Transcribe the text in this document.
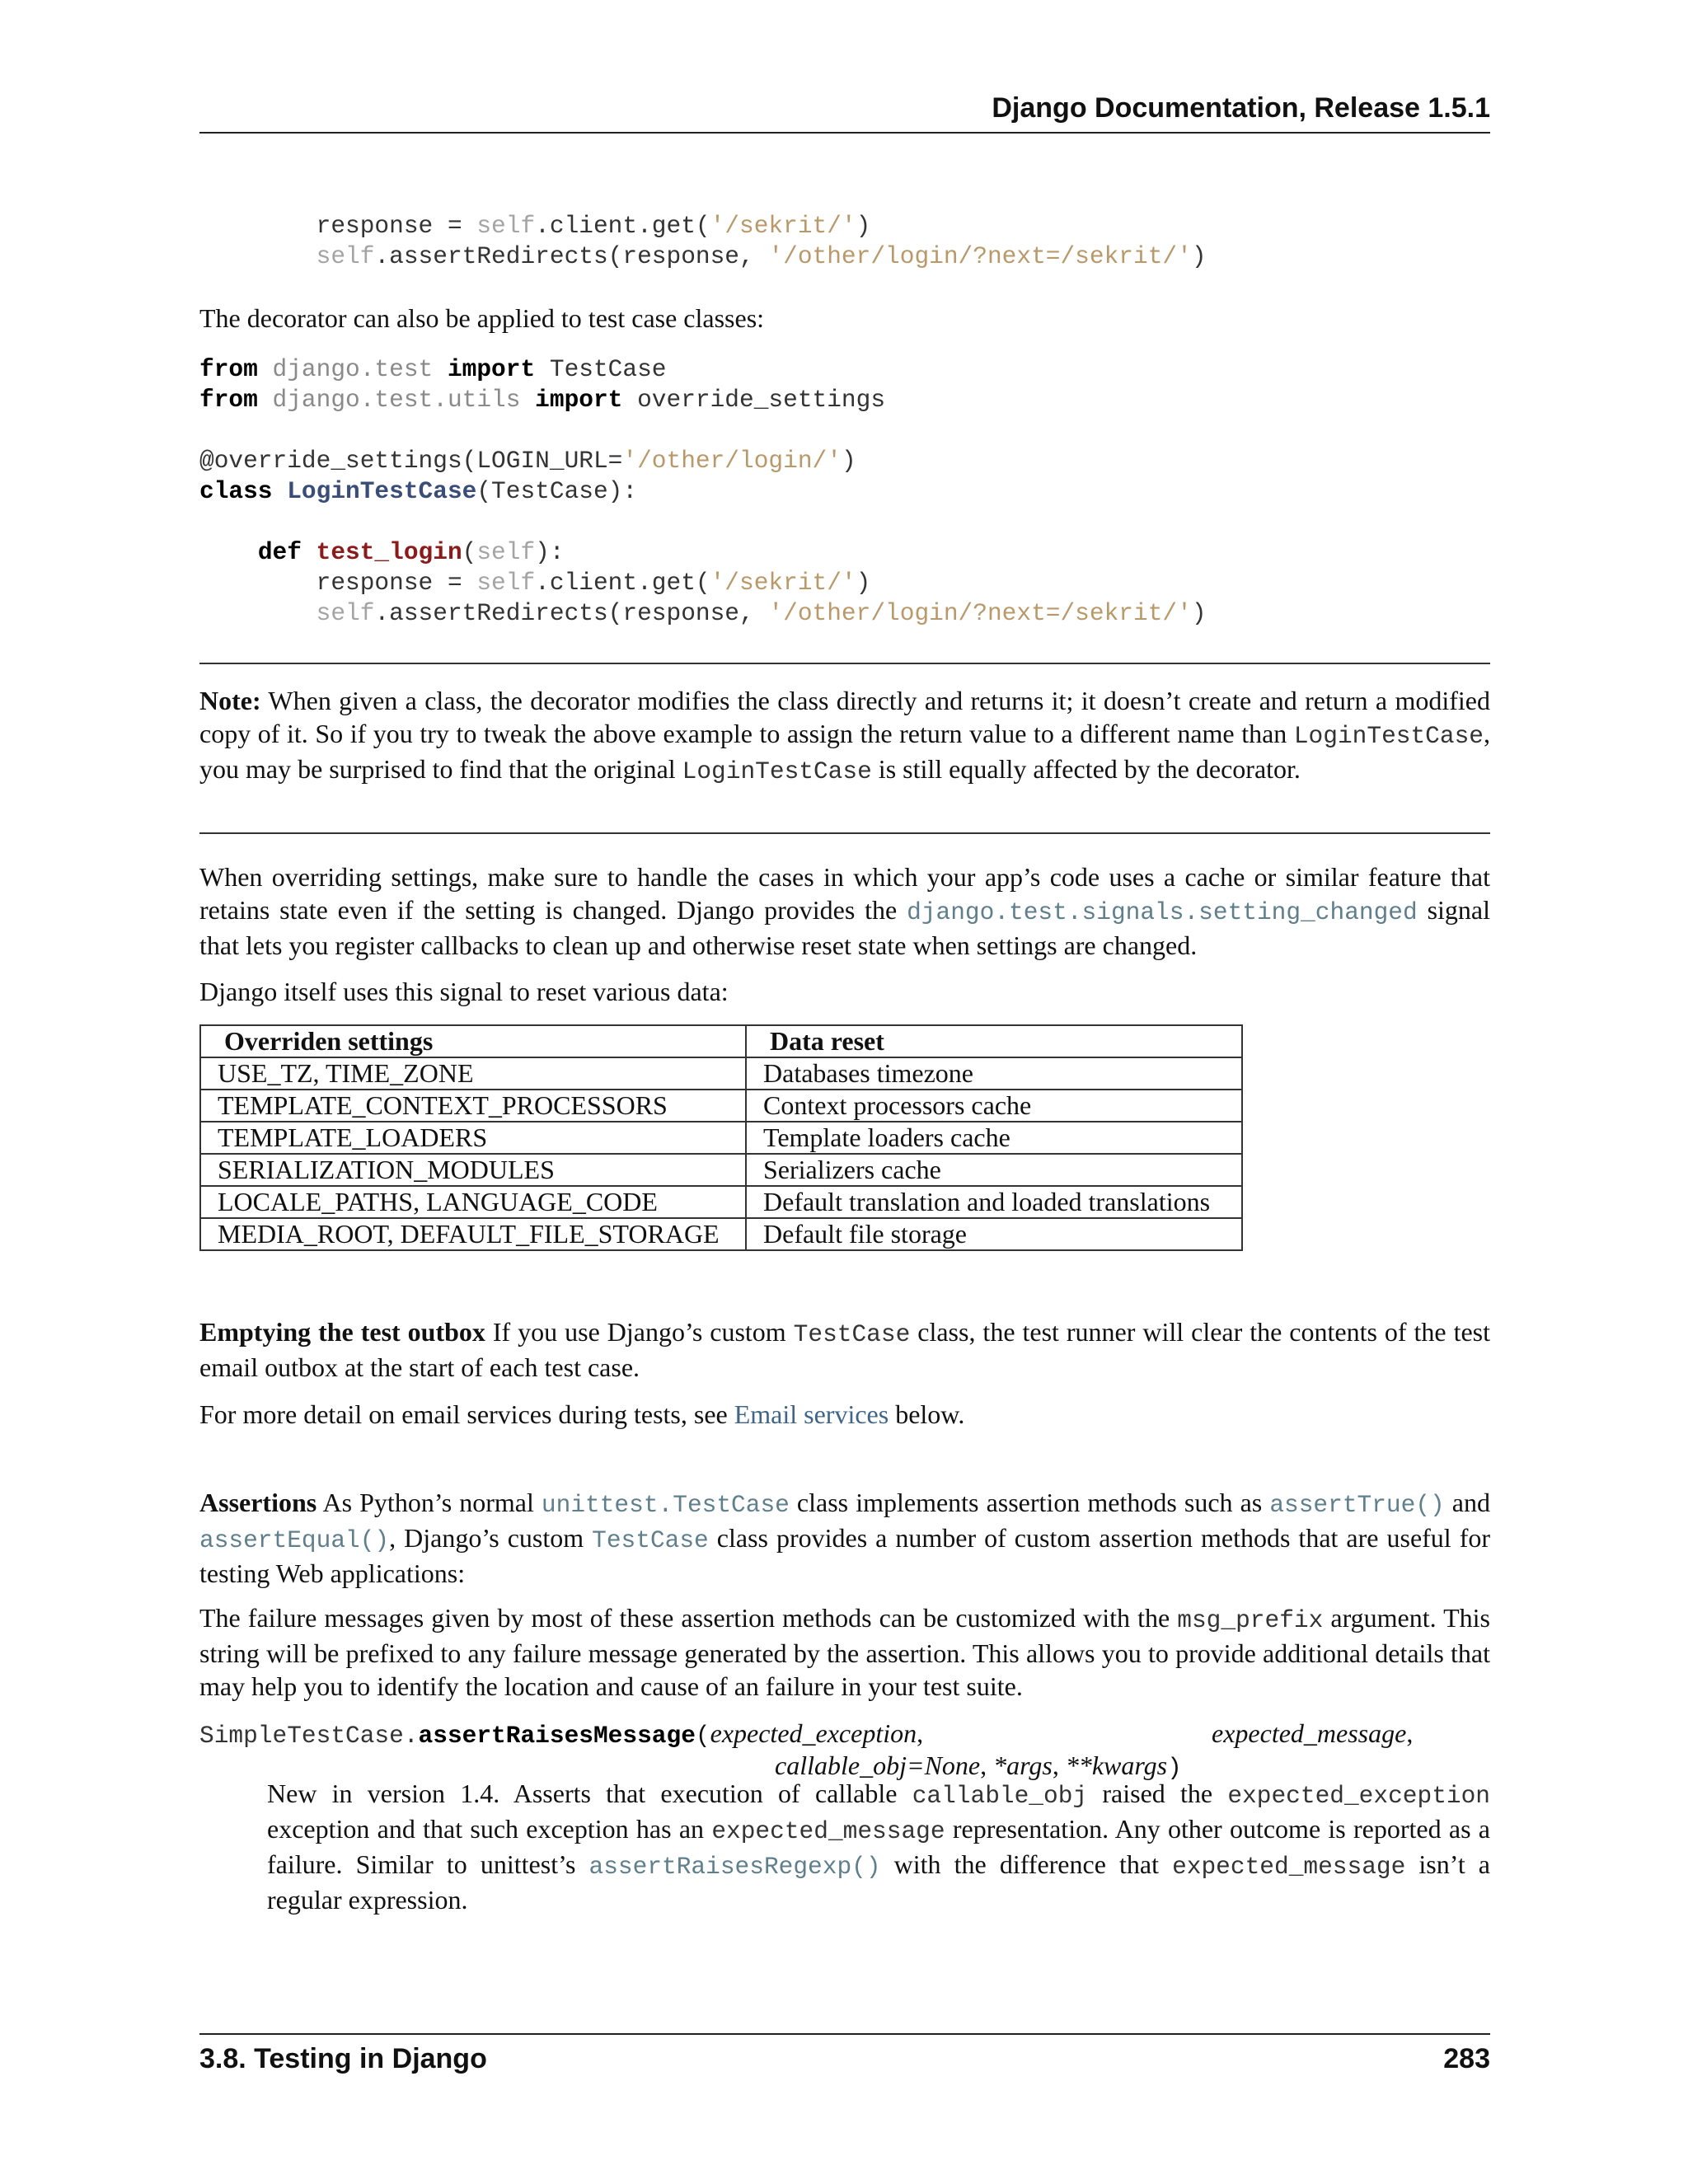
Django Documentation, Release 1.5.1
response = self.client.get('/sekrit/')
self.assertRedirects(response, '/other/login/?next=/sekrit/')

The decorator can also be applied to test case classes:

from django.test import TestCase
from django.test.utils import override_settings

@override_settings(LOGIN_URL='/other/login/')
class LoginTestCase(TestCase):

def test_login(self):
response = self.client.get('/sekrit/')
self.assertRedirects(response, '/other/login/?next=/sekrit/')

Note: When given a class, the decorator modifies the class directly and returns it; it doesn’t create and return a modified copy of it. So if you try to tweak the above example to assign the return value to a different name than LoginTestCase, you may be surprised to find that the original LoginTestCase is still equally affected by the decorator.

When overriding settings, make sure to handle the cases in which your app’s code uses a cache or similar feature that retains state even if the setting is changed. Django provides the django.test.signals.setting_changed signal that lets you register callbacks to clean up and otherwise reset state when settings are changed.

Django itself uses this signal to reset various data:

Overriden settings	Data reset
USE_TZ, TIME_ZONE	Databases timezone
TEMPLATE_CONTEXT_PROCESSORS	Context processors cache
TEMPLATE_LOADERS	Template loaders cache
SERIALIZATION_MODULES	Serializers cache
LOCALE_PATHS, LANGUAGE_CODE	Default translation and loaded translations
MEDIA_ROOT, DEFAULT_FILE_STORAGE	Default file storage

Emptying the test outbox If you use Django’s custom TestCase class, the test runner will clear the contents of the test email outbox at the start of each test case.

For more detail on email services during tests, see Email services below.

Assertions As Python’s normal unittest.TestCase class implements assertion methods such as assertTrue() and assertEqual(), Django’s custom TestCase class provides a number of custom assertion methods that are useful for testing Web applications:

The failure messages given by most of these assertion methods can be customized with the msg_prefix argument. This string will be prefixed to any failure message generated by the assertion. This allows you to provide additional details that may help you to identify the location and cause of an failure in your test suite.

SimpleTestCase.assertRaisesMessage(expected_exception,	expected_message,
callable_obj=None, *args, **kwargs)

New in version 1.4. Asserts that execution of callable callable_obj raised the expected_exception exception and that such exception has an expected_message representation. Any other outcome is reported as a failure. Similar to unittest’s assertRaisesRegexp() with the difference that expected_message isn’t a regular expression.

3.8. Testing in Django	283
